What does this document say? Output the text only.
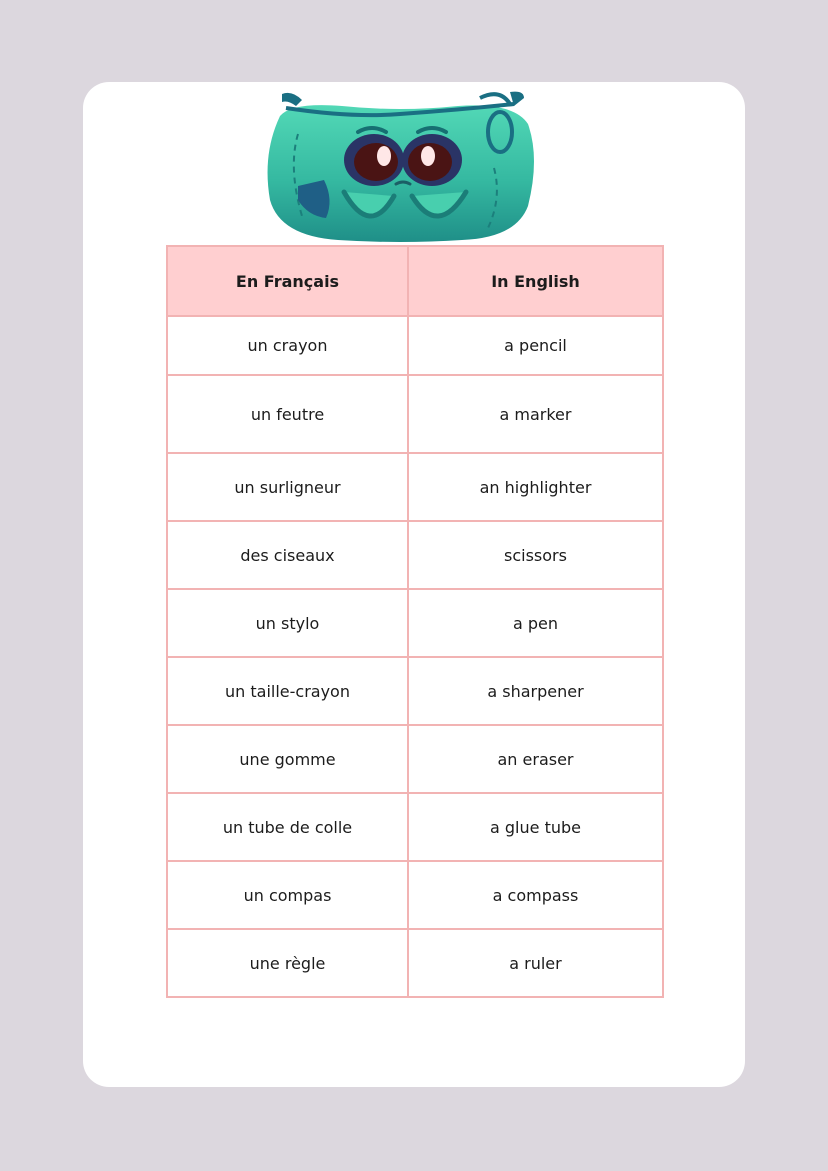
En Français	In English
un crayon	a pencil
un feutre	a marker
un surligneur	an highlighter
des ciseaux	scissors
un stylo	a pen
un taille-crayon	a sharpener
une gomme	an eraser
un tube de colle	a glue tube
un compas	a compass
une règle	a ruler
